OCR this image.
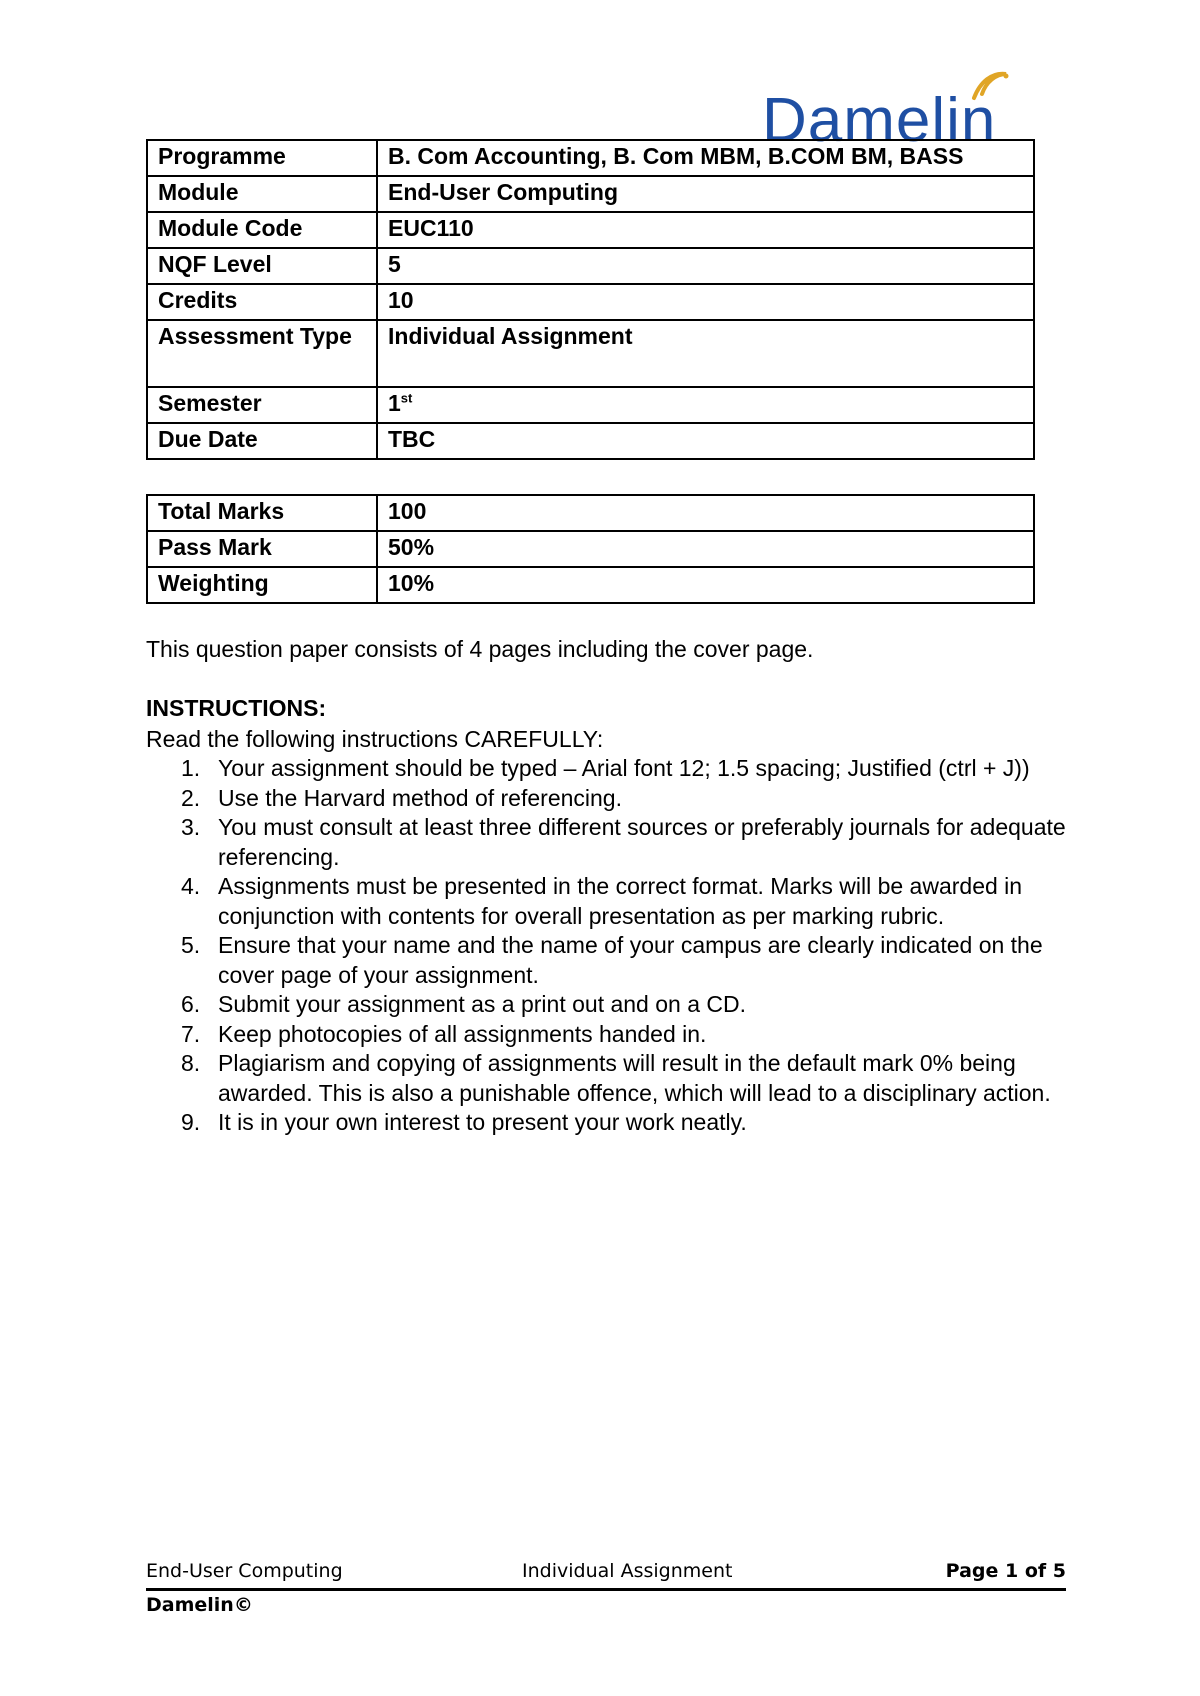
Damelin
Programme	B. Com Accounting, B. Com MBM, B.COM BM, BASS
Module	End-User Computing
Module Code	EUC110
NQF Level	5
Credits	10
Assessment Type	Individual Assignment
Semester	1st
Due Date	TBC
Total Marks	100
Pass Mark	50%
Weighting	10%
This question paper consists of 4 pages including the cover page.
INSTRUCTIONS:
Read the following instructions CAREFULLY:
1. Your assignment should be typed – Arial font 12; 1.5 spacing; Justified (ctrl + J))
2. Use the Harvard method of referencing.
3. You must consult at least three different sources or preferably journals for adequate referencing.
4. Assignments must be presented in the correct format. Marks will be awarded in conjunction with contents for overall presentation as per marking rubric.
5. Ensure that your name and the name of your campus are clearly indicated on the cover page of your assignment.
6. Submit your assignment as a print out and on a CD.
7. Keep photocopies of all assignments handed in.
8. Plagiarism and copying of assignments will result in the default mark 0% being awarded. This is also a punishable offence, which will lead to a disciplinary action.
9. It is in your own interest to present your work neatly.
End-User Computing	Individual Assignment	Page 1 of 5
Damelin©
